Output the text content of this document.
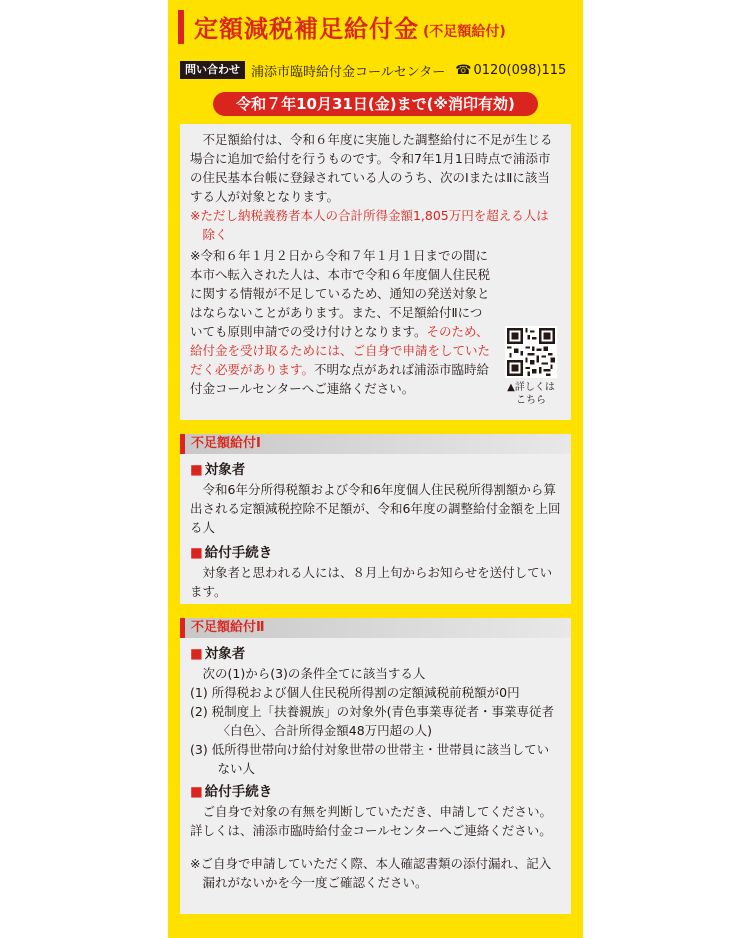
定額減税補足給付金 (不足額給付)
問い合わせ 浦添市臨時給付金コールセンター ☎ 0120(098)115
令和７年10月31日(金)まで(※消印有効)

不足額給付は、令和６年度に実施した調整給付に不足が生じる場合に追加で給付を行うものです。令和7年1月1日時点で浦添市の住民基本台帳に登録されている人のうち、次のⅠまたはⅡに該当する人が対象となります。

※ただし納税義務者本人の合計所得金額1,805万円を超える人は除く

※令和６年１月２日から令和７年１月１日までの間に本市へ転入された人は、本市で令和６年度個人住民税に関する情報が不足しているため、通知の発送対象とはならないことがあります。また、不足額給付Ⅱについても原則申請での受け付けとなります。そのため、給付金を受け取るためには、ご自身で申請をしていただく必要があります。不明な点があれば浦添市臨時給付金コールセンターへご連絡ください。	▲詳しくは
こちら
不足額給付Ⅰ
■ 対象者

令和6年分所得税額および令和6年度個人住民税所得割額から算出される定額減税控除不足額が、令和6年度の調整給付金額を上回る人

■ 給付手続き

対象者と思われる人には、８月上旬からお知らせを送付しています。

不足額給付Ⅱ
■ 対象者

次の(1)から(3)の条件全てに該当する人

(1) 所得税および個人住民税所得割の定額減税前税額が0円

(2) 税制度上「扶養親族」の対象外(青色事業専従者・事業専従者〈白色〉、合計所得金額48万円超の人)

(3) 低所得世帯向け給付対象世帯の世帯主・世帯員に該当していない人

■ 給付手続き

ご自身で対象の有無を判断していただき、申請してください。詳しくは、浦添市臨時給付金コールセンターへご連絡ください。

※ご自身で申請していただく際、本人確認書類の添付漏れ、記入漏れがないかを今一度ご確認ください。
